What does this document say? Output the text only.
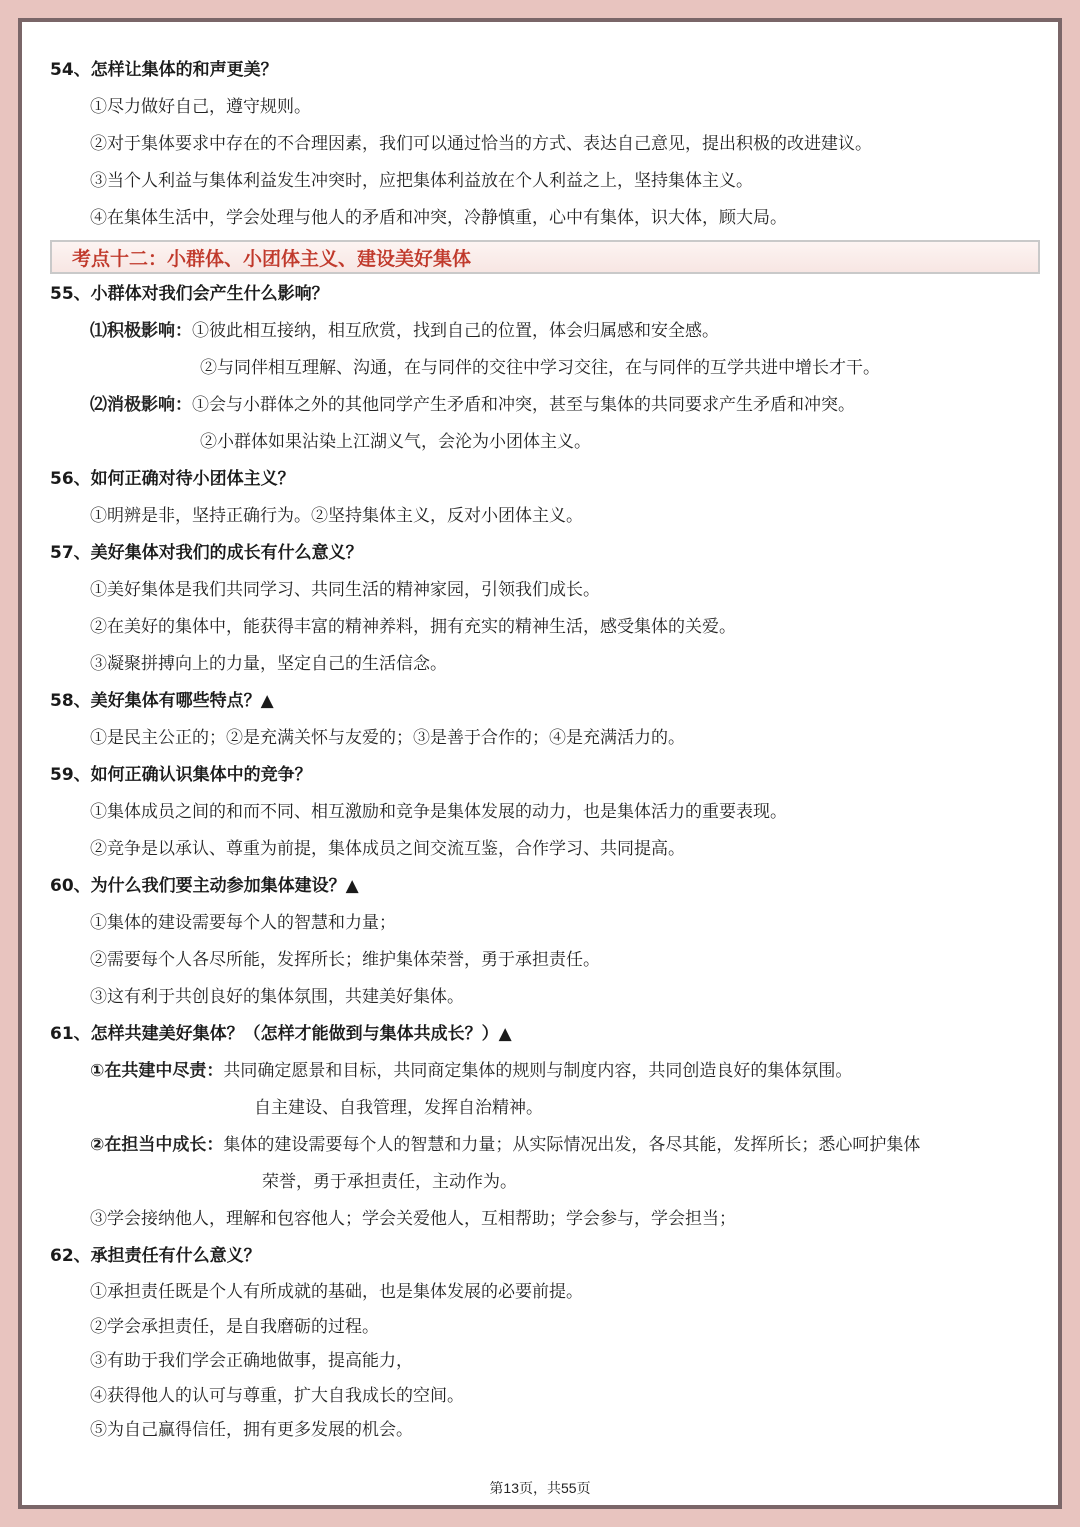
54、怎样让集体的和声更美？
①尽力做好自己，遵守规则。
②对于集体要求中存在的不合理因素，我们可以通过恰当的方式、表达自己意见，提出积极的改进建议。
③当个人利益与集体利益发生冲突时，应把集体利益放在个人利益之上，坚持集体主义。
④在集体生活中，学会处理与他人的矛盾和冲突，冷静慎重，心中有集体，识大体，顾大局。
考点十二：小群体、小团体主义、建设美好集体
55、小群体对我们会产生什么影响？
⑴积极影响：①彼此相互接纳，相互欣赏，找到自己的位置，体会归属感和安全感。
②与同伴相互理解、沟通，在与同伴的交往中学习交往，在与同伴的互学共进中增长才干。
⑵消极影响：①会与小群体之外的其他同学产生矛盾和冲突，甚至与集体的共同要求产生矛盾和冲突。
②小群体如果沾染上江湖义气，会沦为小团体主义。
56、如何正确对待小团体主义？
①明辨是非，坚持正确行为。②坚持集体主义，反对小团体主义。
57、美好集体对我们的成长有什么意义？
①美好集体是我们共同学习、共同生活的精神家园，引领我们成长。
②在美好的集体中，能获得丰富的精神养料，拥有充实的精神生活，感受集体的关爱。
③凝聚拼搏向上的力量，坚定自己的生活信念。
58、美好集体有哪些特点？▲
①是民主公正的；②是充满关怀与友爱的；③是善于合作的；④是充满活力的。
59、如何正确认识集体中的竞争？
①集体成员之间的和而不同、相互激励和竞争是集体发展的动力，也是集体活力的重要表现。
②竞争是以承认、尊重为前提，集体成员之间交流互鉴，合作学习、共同提高。
60、为什么我们要主动参加集体建设？▲
①集体的建设需要每个人的智慧和力量；
②需要每个人各尽所能，发挥所长；维护集体荣誉，勇于承担责任。
③这有利于共创良好的集体氛围，共建美好集体。
61、怎样共建美好集体？（怎样才能做到与集体共成长？）▲
①在共建中尽责：共同确定愿景和目标，共同商定集体的规则与制度内容，共同创造良好的集体氛围。
自主建设、自我管理，发挥自治精神。
②在担当中成长：集体的建设需要每个人的智慧和力量；从实际情况出发，各尽其能，发挥所长；悉心呵护集体
荣誉，勇于承担责任，主动作为。
③学会接纳他人，理解和包容他人；学会关爱他人，互相帮助；学会参与，学会担当；
62、承担责任有什么意义？
①承担责任既是个人有所成就的基础，也是集体发展的必要前提。
②学会承担责任，是自我磨砺的过程。
③有助于我们学会正确地做事，提高能力，
④获得他人的认可与尊重，扩大自我成长的空间。
⑤为自己赢得信任，拥有更多发展的机会。
第13页，共55页
